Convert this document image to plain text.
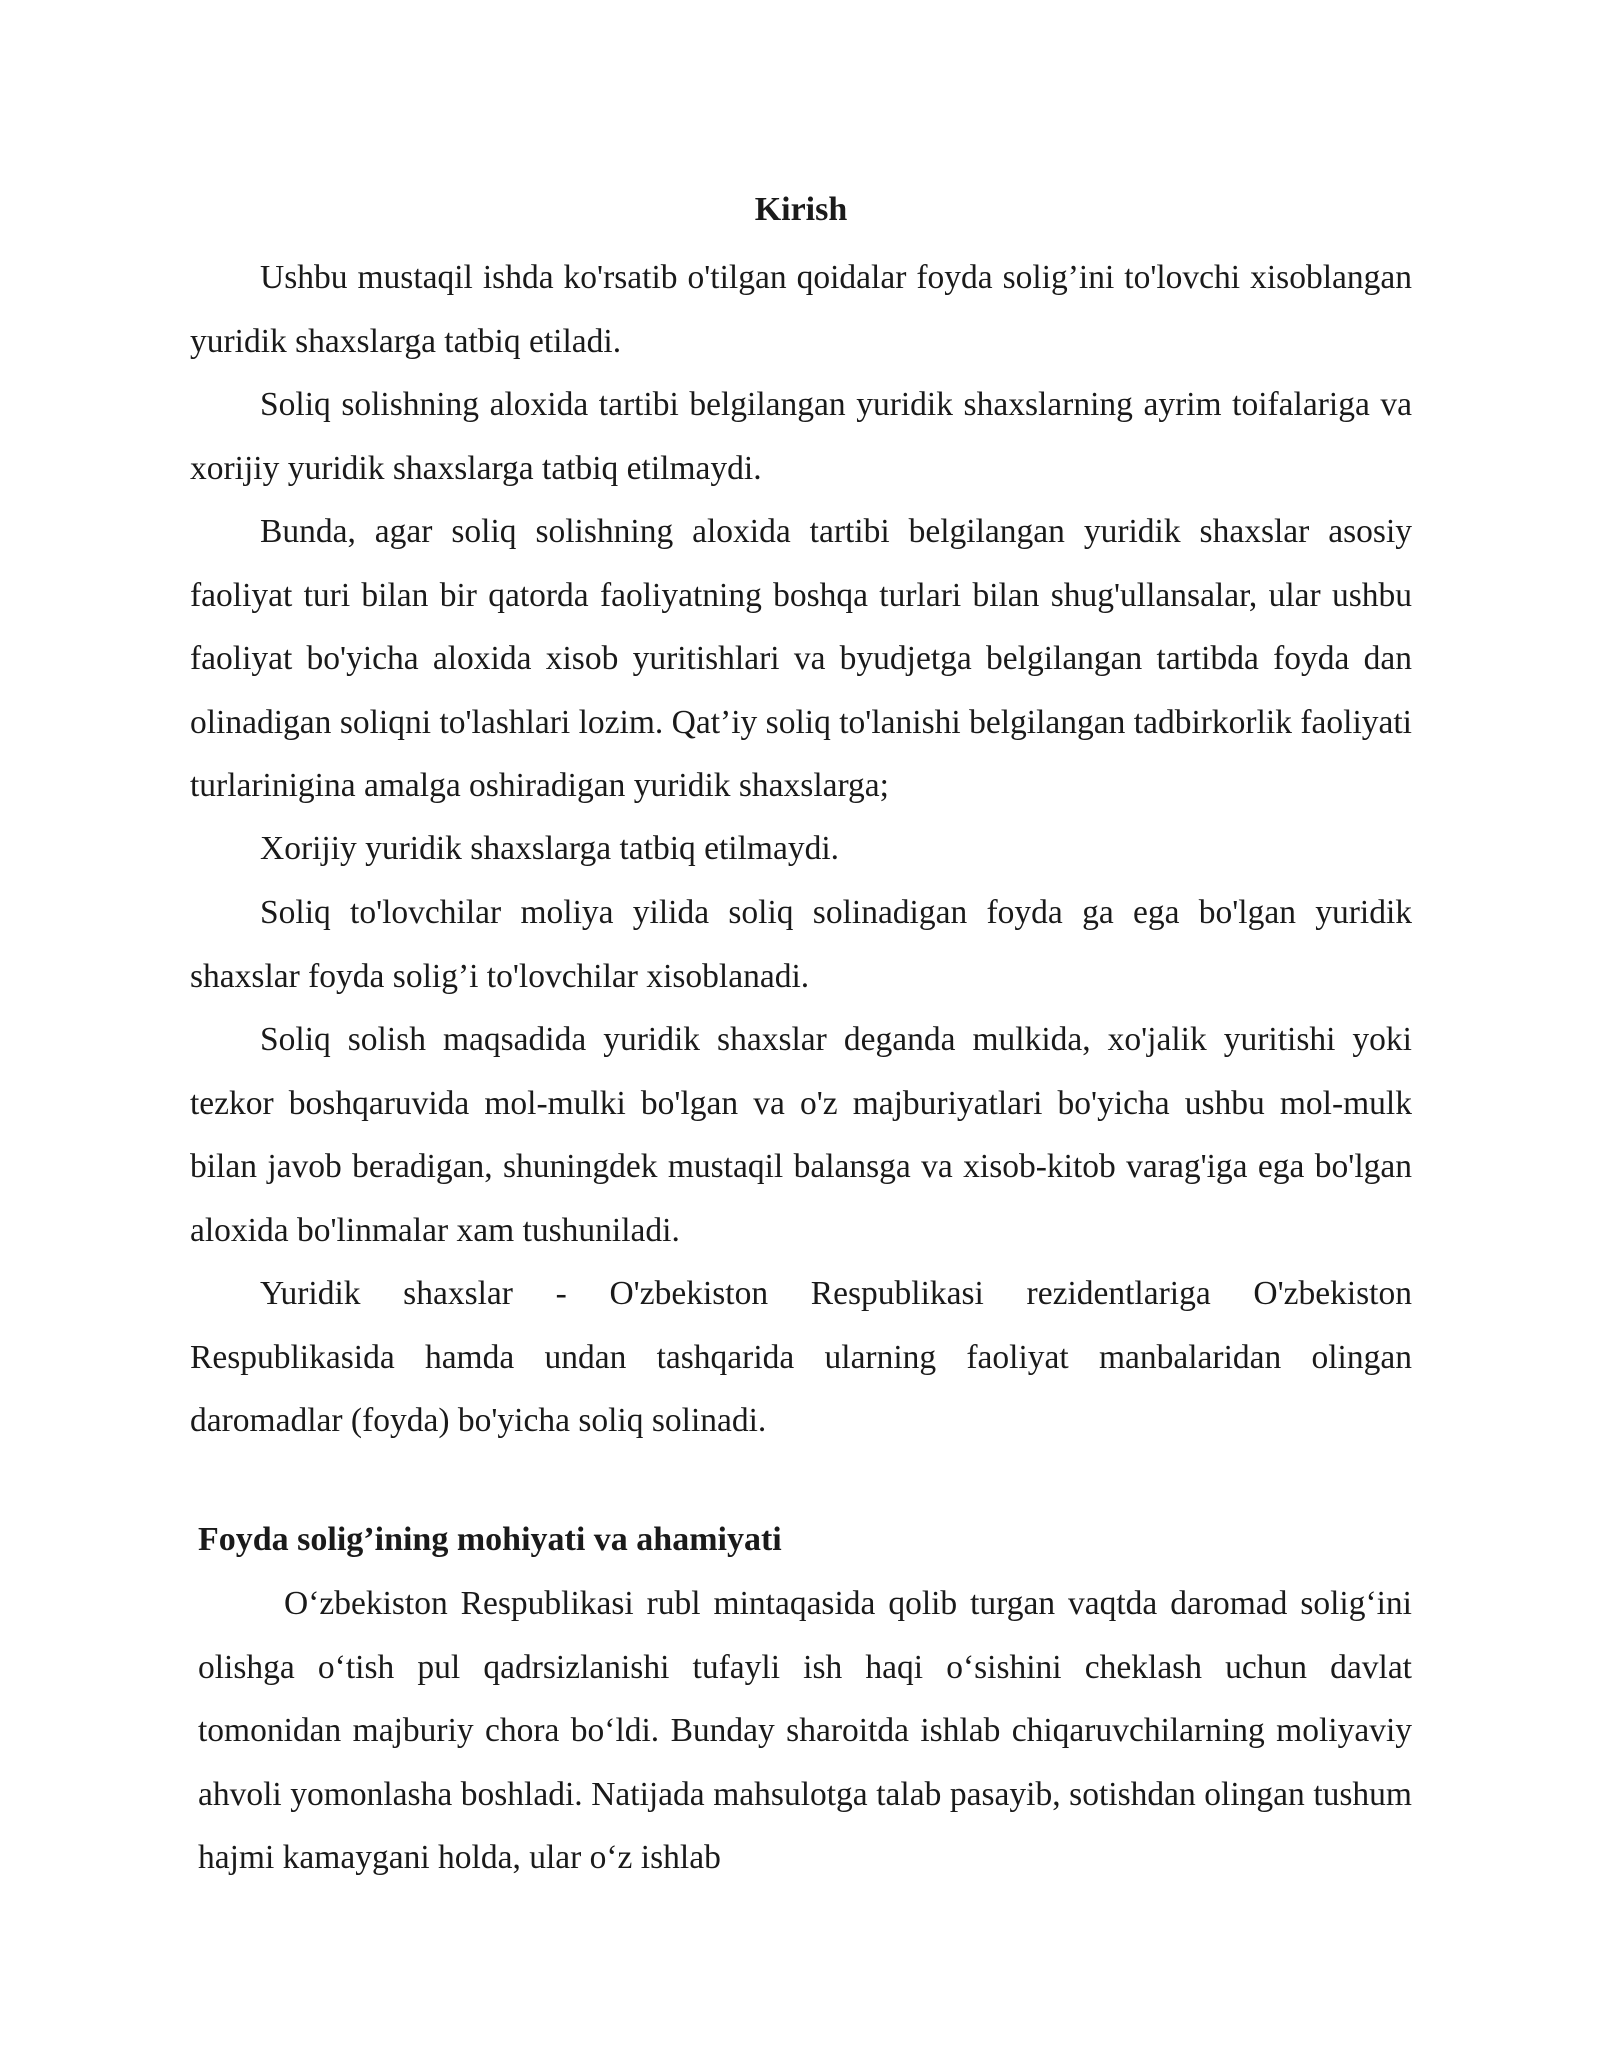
Kirish

Ushbu mustaqil ishda ko'rsatib o'tilgan qoidalar foyda solig’ini to'lovchi xisoblangan yuridik shaxslarga tatbiq etiladi.

Soliq solishning aloxida tartibi belgilangan yuridik shaxslarning ayrim toifalariga va xorijiy yuridik shaxslarga tatbiq etilmaydi.

Bunda, agar soliq solishning aloxida tartibi belgilangan yuridik shaxslar asosiy faoliyat turi bilan bir qatorda faoliyatning boshqa turlari bilan shug'ullansalar, ular ushbu faoliyat bo'yicha aloxida xisob yuritishlari va byudjetga belgilangan tartibda foyda dan olinadigan soliqni to'lashlari lozim. Qat’iy soliq to'lanishi belgilangan tadbirkorlik faoliyati turlarinigina amalga oshiradigan yuridik shaxslarga;

Xorijiy yuridik shaxslarga tatbiq etilmaydi.

Soliq to'lovchilar moliya yilida soliq solinadigan foyda ga ega bo'lgan yuridik shaxslar foyda solig’i to'lovchilar xisoblanadi.

Soliq solish maqsadida yuridik shaxslar deganda mulkida, xo'jalik yuritishi yoki tezkor boshqaruvida mol-mulki bo'lgan va o'z majburiyatlari bo'yicha ushbu mol-mulk bilan javob beradigan, shuningdek mustaqil balansga va xisob-kitob varag'iga ega bo'lgan aloxida bo'linmalar xam tushuniladi.

Yuridik shaxslar - O'zbekiston Respublikasi rezidentlariga O'zbekiston Respublikasida hamda undan tashqarida ularning faoliyat manbalaridan olingan daromadlar (foyda) bo'yicha soliq solinadi.

Foyda solig’ining mohiyati va ahamiyati

O‘zbekiston Respublikasi rubl mintaqasida qolib turgan vaqtda daromad solig‘ini olishga o‘tish pul qadrsizlanishi tufayli ish haqi o‘sishini cheklash uchun davlat tomonidan majburiy chora bo‘ldi. Bunday sharoitda ishlab chiqaruvchilarning moliyaviy ahvoli yomonlasha boshladi. Natijada mahsulotga talab pasayib, sotishdan olingan tushum hajmi kamaygani holda, ular o‘z ishlab
